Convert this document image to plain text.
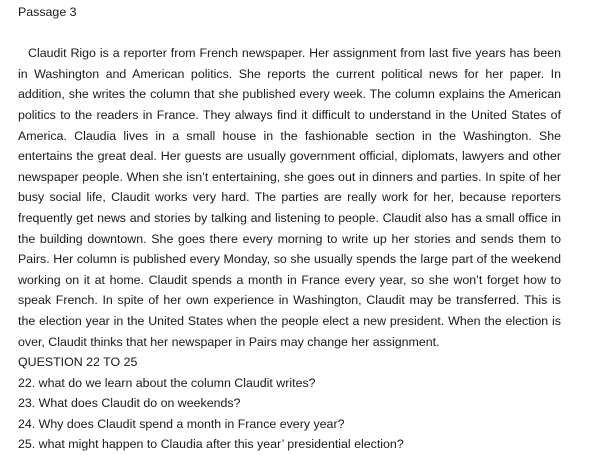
Passage 3

Claudit Rigo is a reporter from French newspaper. Her assignment from last five years has been in Washington and American politics. She reports the current political news for her paper. In addition, she writes the column that she published every week. The column explains the American politics to the readers in France. They always find it difficult to understand in the United States of America. Claudia lives in a small house in the fashionable section in the Washington. She entertains the great deal. Her guests are usually government official, diplomats, lawyers and other newspaper people. When she isn’t entertaining, she goes out in dinners and parties. In spite of her busy social life, Claudit works very hard. The parties are really work for her, because reporters frequently get news and stories by talking and listening to people. Claudit also has a small office in the building downtown. She goes there every morning to write up her stories and sends them to Pairs. Her column is published every Monday, so she usually spends the large part of the weekend working on it at home. Claudit spends a month in France every year, so she won’t forget how to speak French. In spite of her own experience in Washington, Claudit may be transferred. This is the election year in the United States when the people elect a new president. When the election is over, Claudit thinks that her newspaper in Pairs may change her assignment.

QUESTION 22 TO 25
22. what do we learn about the column Claudit writes?
23. What does Claudit do on weekends?
24. Why does Claudit spend a month in France every year?
25. what might happen to Claudia after this year’ presidential election?
